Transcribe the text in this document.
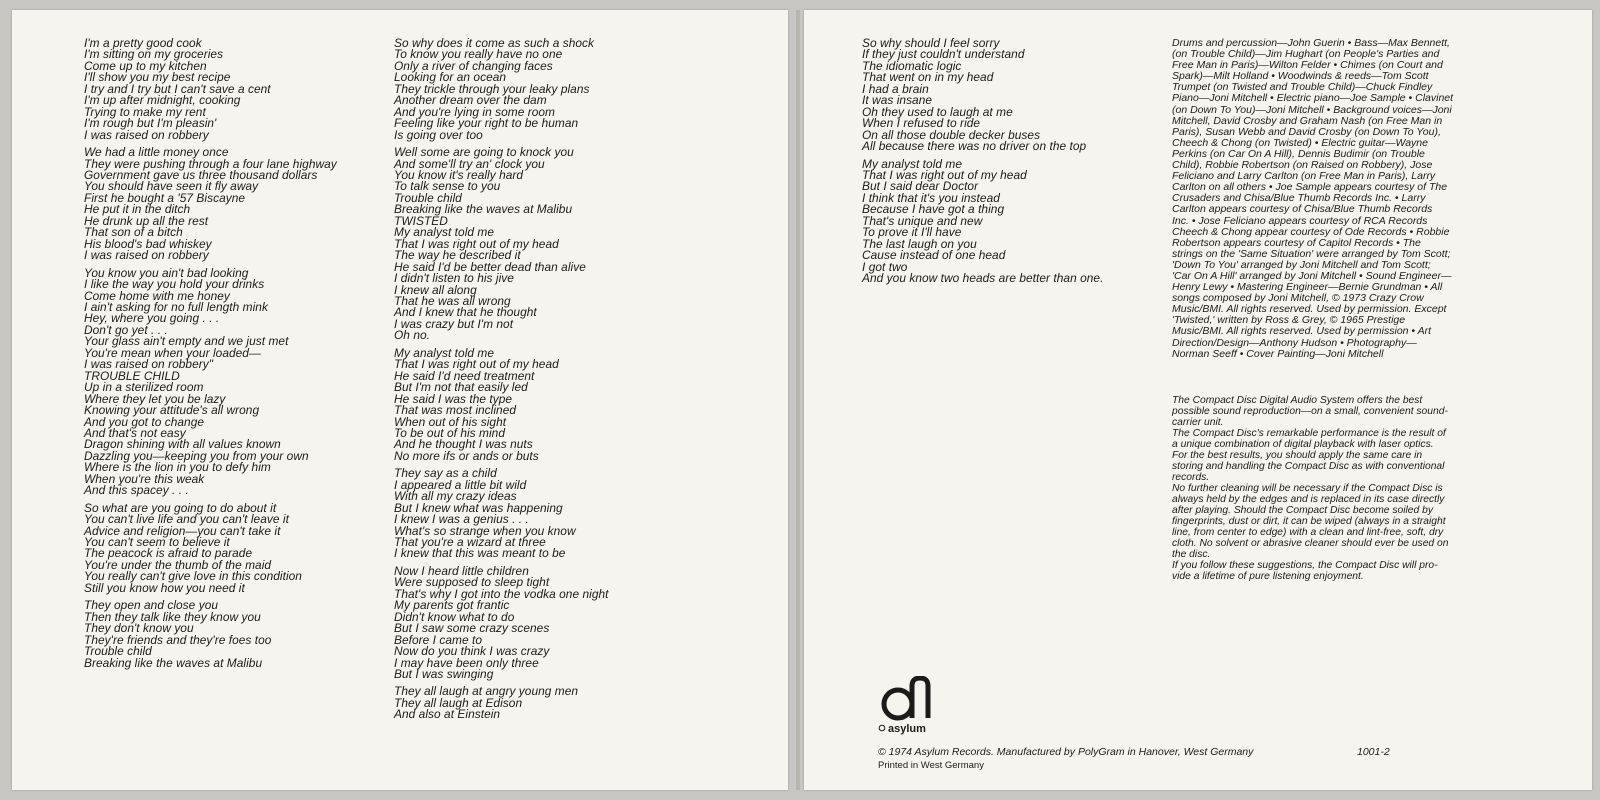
I'm a pretty good cook

I'm sitting on my groceries

Come up to my kitchen

I'll show you my best recipe

I try and I try but I can't save a cent

I'm up after midnight, cooking

Trying to make my rent

I'm rough but I'm pleasin'

I was raised on robbery

We had a little money once

They were pushing through a four lane highway

Government gave us three thousand dollars

You should have seen it fly away

First he bought a '57 Biscayne

He put it in the ditch

He drunk up all the rest

That son of a bitch

His blood's bad whiskey

I was raised on robbery

You know you ain't bad looking

I like the way you hold your drinks

Come home with me honey

I ain't asking for no full length mink

Hey, where you going . . .

Don't go yet . . .

Your glass ain't empty and we just met

You're mean when your loaded—

I was raised on robbery"

TROUBLE CHILD

Up in a sterilized room

Where they let you be lazy

Knowing your attitude's all wrong

And you got to change

And that's not easy

Dragon shining with all values known

Dazzling you—keeping you from your own

Where is the lion in you to defy him

When you're this weak

And this spacey . . .

So what are you going to do about it

You can't live life and you can't leave it

Advice and religion—you can't take it

You can't seem to believe it

The peacock is afraid to parade

You're under the thumb of the maid

You really can't give love in this condition

Still you know how you need it

They open and close you

Then they talk like they know you

They don't know you

They're friends and they're foes too

Trouble child

Breaking like the waves at Malibu

So why does it come as such a shock

To know you really have no one

Only a river of changing faces

Looking for an ocean

They trickle through your leaky plans

Another dream over the dam

And you're lying in some room

Feeling like your right to be human

Is going over too

Well some are going to knock you

And some'll try an' clock you

You know it's really hard

To talk sense to you

Trouble child

Breaking like the waves at Malibu

TWISTED

My analyst told me

That I was right out of my head

The way he described it

He said I'd be better dead than alive

I didn't listen to his jive

I knew all along

That he was all wrong

And I knew that he thought

I was crazy but I'm not

Oh no.

My analyst told me

That I was right out of my head

He said I'd need treatment

But I'm not that easily led

He said I was the type

That was most inclined

When out of his sight

To be out of his mind

And he thought I was nuts

No more ifs or ands or buts

They say as a child

I appeared a little bit wild

With all my crazy ideas

But I knew what was happening

I knew I was a genius . . .

What's so strange when you know

That you're a wizard at three

I knew that this was meant to be

Now I heard little children

Were supposed to sleep tight

That's why I got into the vodka one night

My parents got frantic

Didn't know what to do

But I saw some crazy scenes

Before I came to

Now do you think I was crazy

I may have been only three

But I was swinging

They all laugh at angry young men

They all laugh at Edison

And also at Einstein

So why should I feel sorry

If they just couldn't understand

The idiomatic logic

That went on in my head

I had a brain

It was insane

Oh they used to laugh at me

When I refused to ride

On all those double decker buses

All because there was no driver on the top

My analyst told me

That I was right out of my head

But I said dear Doctor

I think that it's you instead

Because I have got a thing

That's unique and new

To prove it I'll have

The last laugh on you

Cause instead of one head

I got two

And you know two heads are better than one.

Drums and percussion—John Guerin • Bass—Max Bennett,

(on Trouble Child)—Jim Hughart (on People's Parties and

Free Man in Paris)—Wilton Felder • Chimes (on Court and

Spark)—Milt Holland • Woodwinds & reeds—Tom Scott

Trumpet (on Twisted and Trouble Child)—Chuck Findley

Piano—Joni Mitchell • Electric piano—Joe Sample • Clavinet

(on Down To You)—Joni Mitchell • Background voices—Joni

Mitchell, David Crosby and Graham Nash (on Free Man in

Paris), Susan Webb and David Crosby (on Down To You),

Cheech & Chong (on Twisted) • Electric guitar—Wayne

Perkins (on Car On A Hill), Dennis Budimir (on Trouble

Child), Robbie Robertson (on Raised on Robbery), Jose

Feliciano and Larry Carlton (on Free Man in Paris), Larry

Carlton on all others • Joe Sample appears courtesy of The

Crusaders and Chisa/Blue Thumb Records Inc. • Larry

Carlton appears courtesy of Chisa/Blue Thumb Records

Inc. • Jose Feliciano appears courtesy of RCA Records

Cheech & Chong appear courtesy of Ode Records • Robbie

Robertson appears courtesy of Capitol Records • The

strings on the 'Same Situation' were arranged by Tom Scott;

'Down To You' arranged by Joni Mitchell and Tom Scott;

'Car On A Hill' arranged by Joni Mitchell • Sound Engineer—

Henry Lewy • Mastering Engineer—Bernie Grundman • All

songs composed by Joni Mitchell, © 1973 Crazy Crow

Music/BMI. All rights reserved. Used by permission. Except

'Twisted,' written by Ross & Grey, © 1965 Prestige

Music/BMI. All rights reserved. Used by permission • Art

Direction/Design—Anthony Hudson • Photography—

Norman Seeff • Cover Painting—Joni Mitchell

The Compact Disc Digital Audio System offers the best

possible sound reproduction—on a small, convenient sound-

carrier unit.

The Compact Disc's remarkable performance is the result of

a unique combination of digital playback with laser optics.

For the best results, you should apply the same care in

storing and handling the Compact Disc as with conventional

records.

No further cleaning will be necessary if the Compact Disc is

always held by the edges and is replaced in its case directly

after playing. Should the Compact Disc become soiled by

fingerprints, dust or dirt, it can be wiped (always in a straight

line, from center to edge) with a clean and lint-free, soft, dry

cloth. No solvent or abrasive cleaner should ever be used on

the disc.

If you follow these suggestions, the Compact Disc will pro-

vide a lifetime of pure listening enjoyment.

asylum
© 1974 Asylum Records. Manufactured by PolyGram in Hanover, West Germany
Printed in West Germany
1001-2
